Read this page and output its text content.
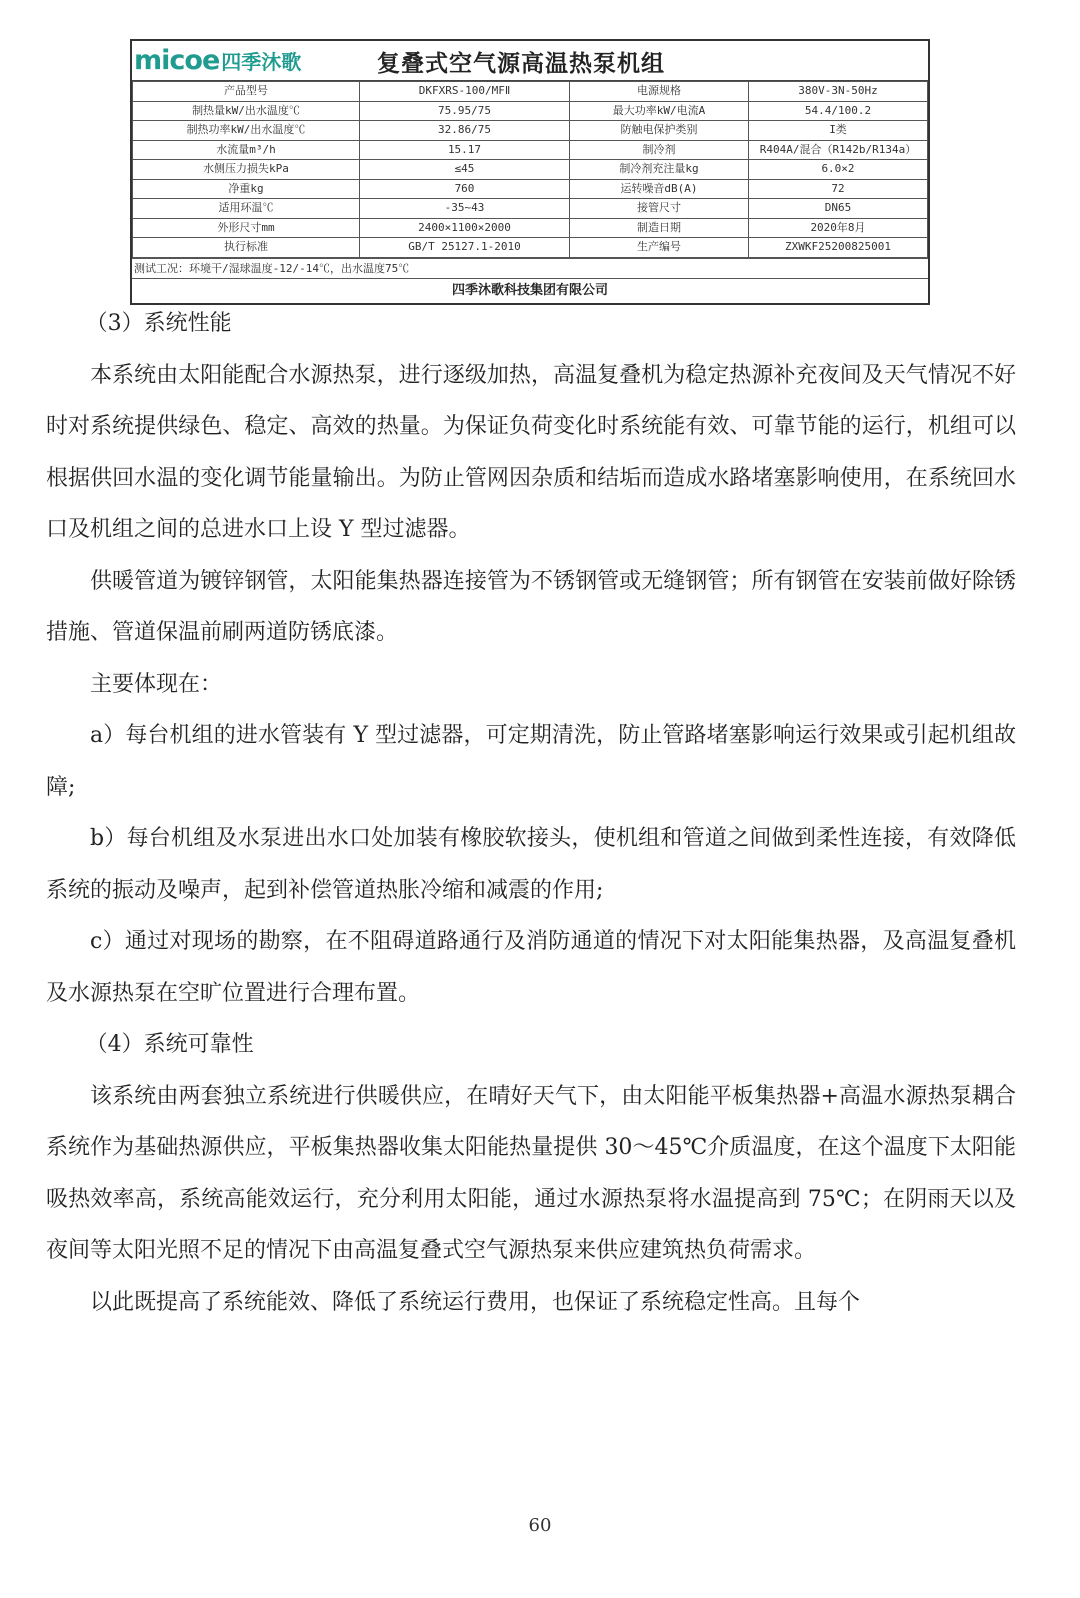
micoe 四季沐歌	复叠式空气源高温热泵机组
产品型号	DKFXRS-100/MFⅡ	电源规格	380V-3N-50Hz
制热量kW/出水温度℃	75.95/75	最大功率kW/电流A	54.4/100.2
制热功率kW/出水温度℃	32.86/75	防触电保护类别	I类
水流量m³/h	15.17	制冷剂	R404A/混合（R142b/R134a）
水侧压力损失kPa	≤45	制冷剂充注量kg	6.0×2
净重kg	760	运转噪音dB(A)	72
适用环温℃	-35~43	接管尺寸	DN65
外形尺寸mm	2400×1100×2000	制造日期	2020年8月
执行标准	GB/T 25127.1-2010	生产编号	ZXWKF25200825001
测试工况：环境干/湿球温度-12/-14℃，出水温度75℃
四季沐歌科技集团有限公司

（3）系统性能

本系统由太阳能配合水源热泵，进行逐级加热，高温复叠机为稳定热源补充夜间及天气情况不好时对系统提供绿色、稳定、高效的热量。为保证负荷变化时系统能有效、可靠节能的运行，机组可以根据供回水温的变化调节能量输出。为防止管网因杂质和结垢而造成水路堵塞影响使用，在系统回水口及机组之间的总进水口上设 Y 型过滤器。

供暖管道为镀锌钢管，太阳能集热器连接管为不锈钢管或无缝钢管；所有钢管在安装前做好除锈措施、管道保温前刷两道防锈底漆。

主要体现在：

a）每台机组的进水管装有 Y 型过滤器，可定期清洗，防止管路堵塞影响运行效果或引起机组故障;

b）每台机组及水泵进出水口处加装有橡胶软接头，使机组和管道之间做到柔性连接，有效降低系统的振动及噪声，起到补偿管道热胀冷缩和减震的作用;

c）通过对现场的勘察，在不阻碍道路通行及消防通道的情况下对太阳能集热器，及高温复叠机及水源热泵在空旷位置进行合理布置。

（4）系统可靠性

该系统由两套独立系统进行供暖供应，在晴好天气下，由太阳能平板集热器+高温水源热泵耦合系统作为基础热源供应，平板集热器收集太阳能热量提供 30～45℃介质温度，在这个温度下太阳能吸热效率高，系统高能效运行，充分利用太阳能，通过水源热泵将水温提高到 75℃；在阴雨天以及夜间等太阳光照不足的情况下由高温复叠式空气源热泵来供应建筑热负荷需求。

以此既提高了系统能效、降低了系统运行费用，也保证了系统稳定性高。且每个

60
